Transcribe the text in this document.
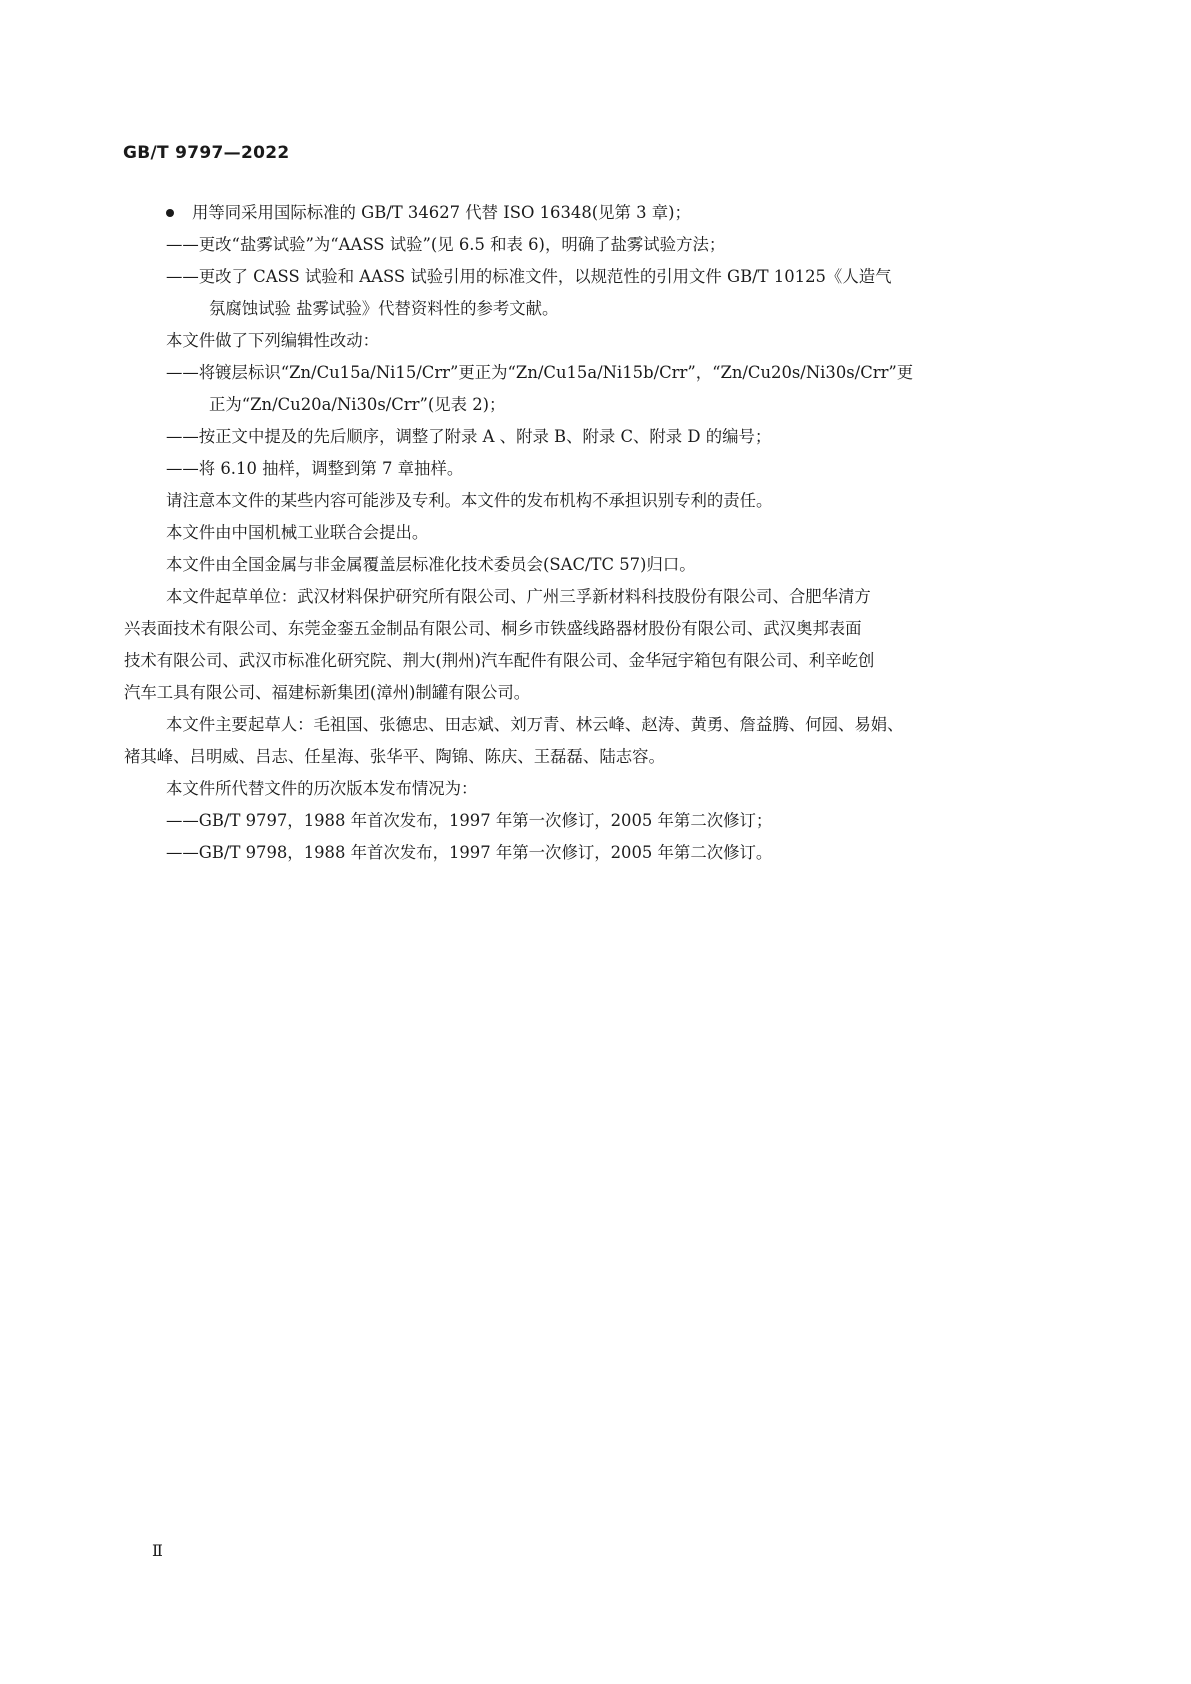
GB/T 9797—2022
用等同采用国际标准的 GB/T 34627 代替 ISO 16348(见第 3 章)；
——更改“盐雾试验”为“AASS 试验”(见 6.5 和表 6)，明确了盐雾试验方法；
——更改了 CASS 试验和 AASS 试验引用的标准文件，以规范性的引用文件 GB/T 10125《人造气
氛腐蚀试验 盐雾试验》代替资料性的参考文献。
本文件做了下列编辑性改动：
——将镀层标识“Zn/Cu15a/Ni15/Crr”更正为“Zn/Cu15a/Ni15b/Crr”，“Zn/Cu20s/Ni30s/Crr”更
正为“Zn/Cu20a/Ni30s/Crr”(见表 2)；
——按正文中提及的先后顺序，调整了附录 A 、附录 B、附录 C、附录 D 的编号；
——将 6.10 抽样，调整到第 7 章抽样。
请注意本文件的某些内容可能涉及专利。本文件的发布机构不承担识别专利的责任。
本文件由中国机械工业联合会提出。
本文件由全国金属与非金属覆盖层标准化技术委员会(SAC/TC 57)归口。
本文件起草单位：武汉材料保护研究所有限公司、广州三孚新材料科技股份有限公司、合肥华清方
兴表面技术有限公司、东莞金銮五金制品有限公司、桐乡市铁盛线路器材股份有限公司、武汉奥邦表面
技术有限公司、武汉市标准化研究院、荆大(荆州)汽车配件有限公司、金华冠宇箱包有限公司、利辛屹创
汽车工具有限公司、福建标新集团(漳州)制罐有限公司。
本文件主要起草人：毛祖国、张德忠、田志斌、刘万青、林云峰、赵涛、黄勇、詹益腾、何园、易娟、
褚其峰、吕明威、吕志、任星海、张华平、陶锦、陈庆、王磊磊、陆志容。
本文件所代替文件的历次版本发布情况为：
——GB/T 9797，1988 年首次发布，1997 年第一次修订，2005 年第二次修订；
——GB/T 9798，1988 年首次发布，1997 年第一次修订，2005 年第二次修订。
Ⅱ
